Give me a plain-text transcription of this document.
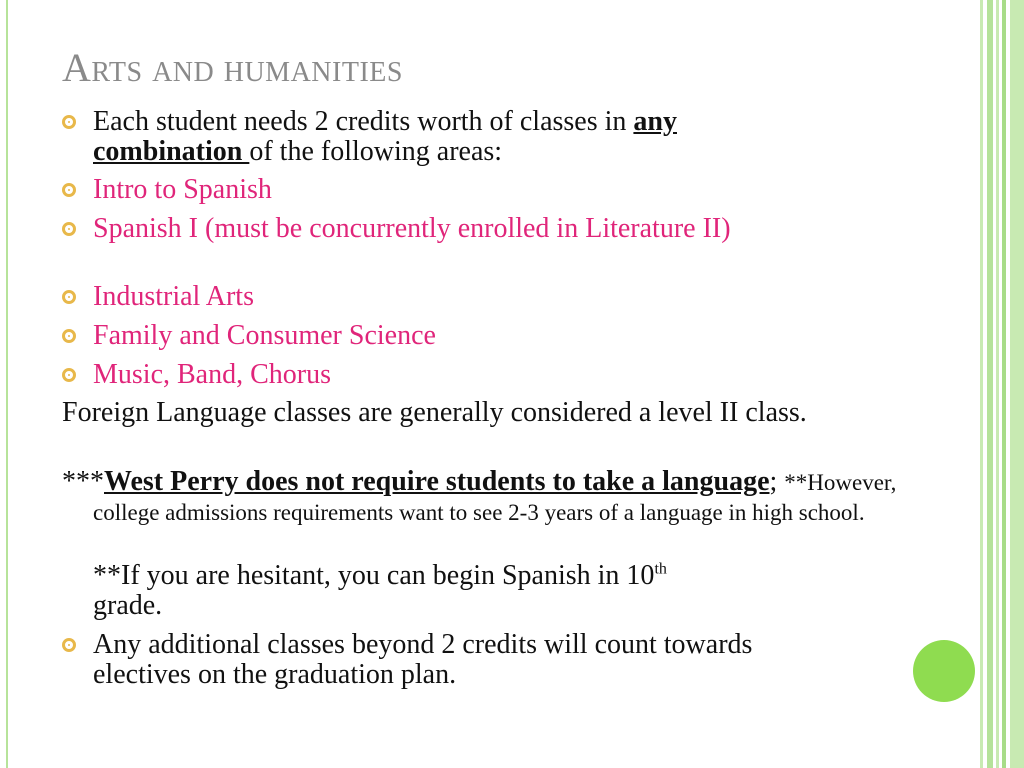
ARTS AND HUMANITIES
Each student needs 2 credits worth of classes in any
combination of the following areas:
Intro to Spanish
Spanish I (must be concurrently enrolled in Literature II)
Industrial Arts
Family and Consumer Science
Music, Band, Chorus
Foreign Language classes are generally considered a level II class.
***West Perry does not require students to take a language; **However, college admissions requirements want to see 2-3 years of a language in high school.
**If you are hesitant, you can begin Spanish in 10th
grade.
Any additional classes beyond 2 credits will count towards electives on the graduation plan.
